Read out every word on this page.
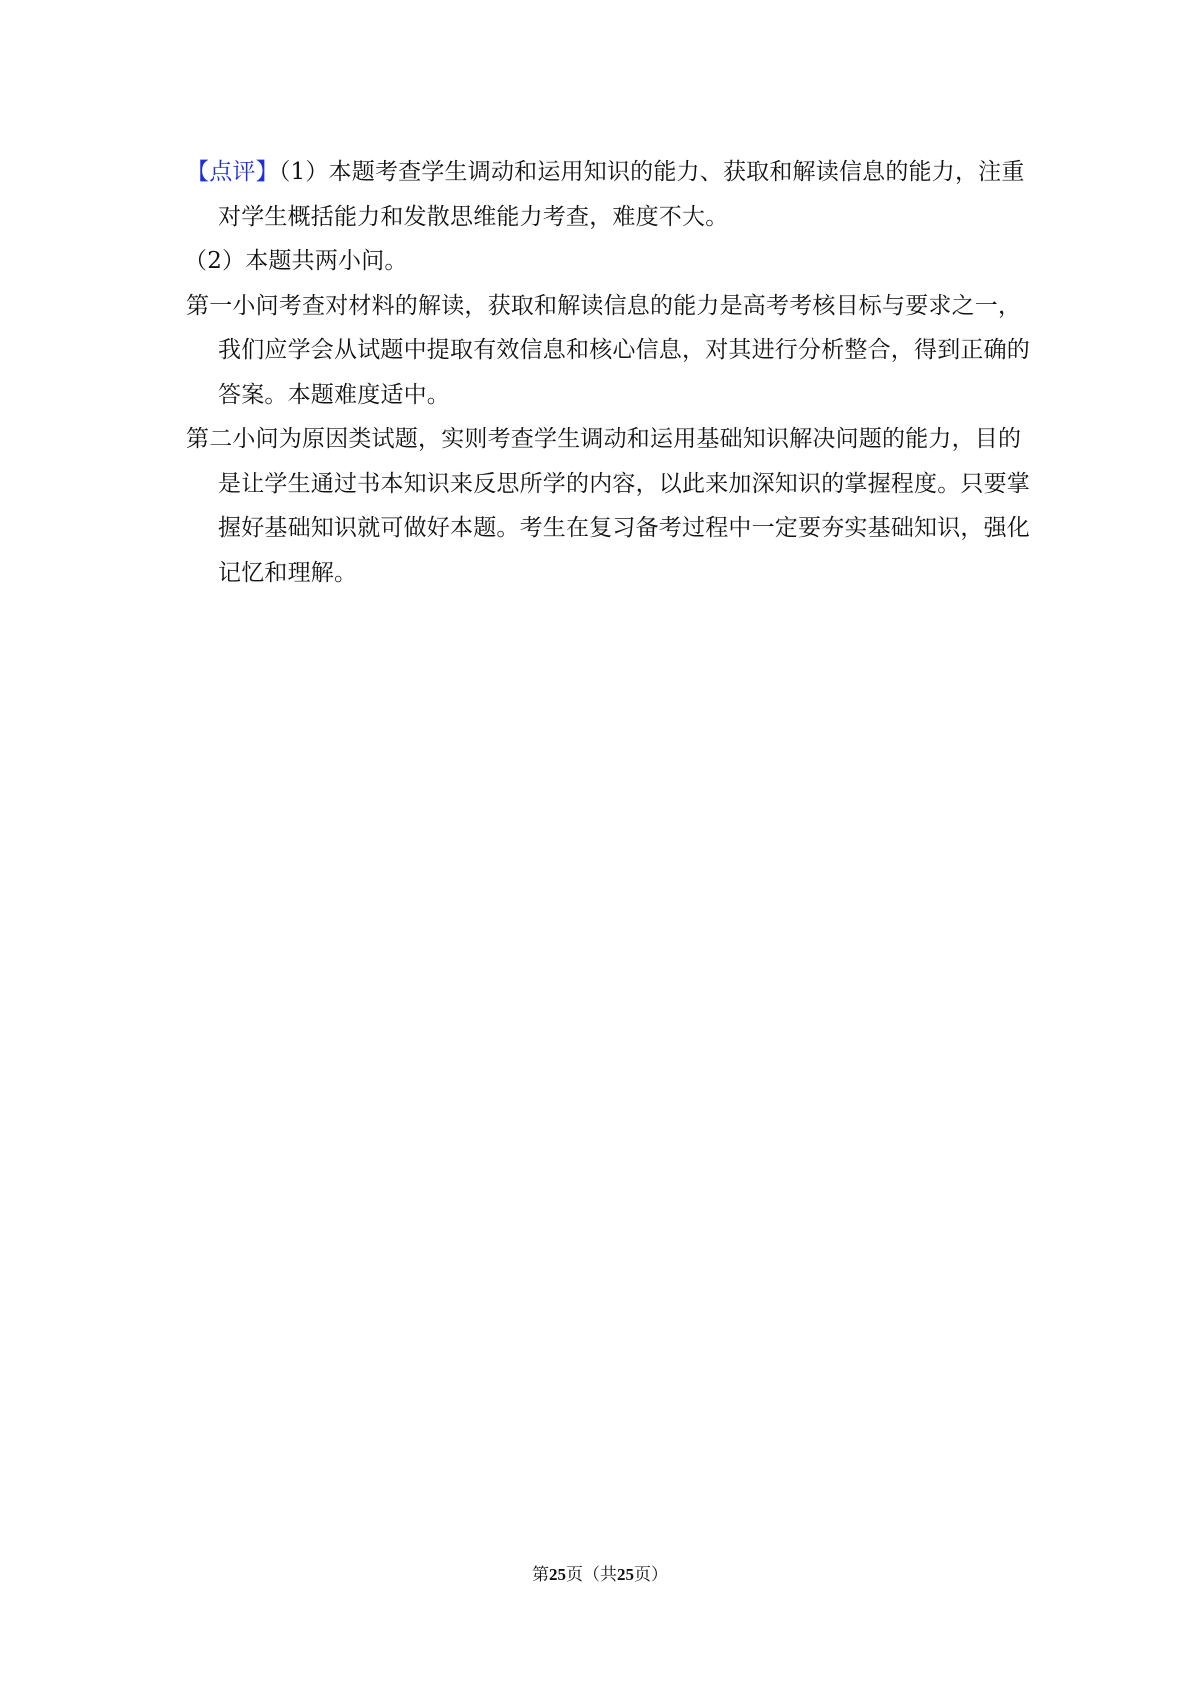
【点评】（1）本题考查学生调动和运用知识的能力、获取和解读信息的能力，注重对学生概括能力和发散思维能力考查，难度不大。

（2）本题共两小问。

第一小问考查对材料的解读，获取和解读信息的能力是高考考核目标与要求之一，我们应学会从试题中提取有效信息和核心信息，对其进行分析整合，得到正确的答案。本题难度适中。

第二小问为原因类试题，实则考查学生调动和运用基础知识解决问题的能力，目的是让学生通过书本知识来反思所学的内容，以此来加深知识的掌握程度。只要掌握好基础知识就可做好本题。考生在复习备考过程中一定要夯实基础知识，强化记忆和理解。

第25页（共25页）
